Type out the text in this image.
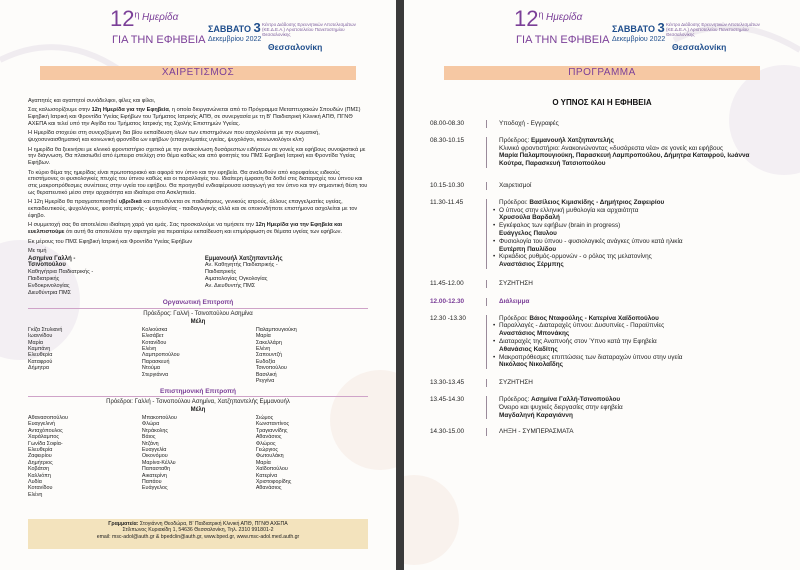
$12^\eta$ Ημερίδα
ΓΙΑ ΤΗΝ ΕΦΗΒΕΙΑ
ΣΑΒΒΑΤΟ 3
Δεκεμβρίου 2022
Κέντρο Διάδοσης Ερευνητικών Αποτελεσμάτων
(ΚΕ.Δ.Ε.Α.) Αριστοτελείου Πανεπιστημίου
Θεσσαλονίκης
Θεσσαλονίκη
ΧΑΙΡΕΤΙΣΜΟΣ

Αγαπητές και αγαπητοί συνάδελφοι, φίλες και φίλοι,

Σας καλωσορίζουμε στην 12η Ημερίδα για την Εφηβεία, η οποία διοργανώνεται από το Πρόγραμμα Μεταπτυχιακών Σπουδών (ΠΜΣ) Εφηβική Ιατρική και Φροντίδα Υγείας Εφήβων του Τμήματος Ιατρικής ΑΠΘ, σε συνεργασία με τη Β' Παιδιατρική Κλινική ΑΠΘ, ΠΓΝΘ ΑΧΕΠΑ και τελεί υπό την Αιγίδα του Τμήματος Ιατρικής της Σχολής Επιστημών Υγείας.

Η Ημερίδα στοχεύει στη συνεχιζόμενη δια βίου εκπαίδευση όλων των επιστημόνων που ασχολούνται με την σωματική, ψυχοσυναισθηματική και κοινωνική φροντίδα ων εφήβων (επαγγελματίες υγείας, ψυχολόγοι, κοινωνιολόγοι κλπ)

Η ημερίδα θα ξεκινήσει με κλινικό φροντιστήριο σχετικά με την ανακοίνωση δυσάρεστων ειδήσεων σε γονείς και εφήβους συνοψιστικά με την διάγνωση. Θα πλαισιωθεί από έμπειρα στελέχη στο θέμα καθώς και από φοιτητές του ΠΜΣ Εφηβική Ιατρική και Φροντίδα Υγείας Εφήβων.

Το κύριο θέμα της ημερίδας είναι πρωτοποριακό και αφορά τον ύπνο και την εφηβεία. Θα αναλυθούν από κορυφαίους ειδικούς επιστήμονες οι φυσιολογικές πτυχές του ύπνου καθώς και οι παραλλαγές του. Ιδιαίτερη έμφαση θα δοθεί στις διαταραχές του ύπνου και στις μακροπρόθεσμες συνέπειες στην υγεία του εφήβου. Θα προηγηθεί ενδιαφέρουσα εισαγωγή για τον ύπνο και την σημαντική θέση του ως θεραπευτικό μέσο στην αρχαιότητα και ιδιαίτερα στα Ασκληπιεία.

Η 12η Ημερίδα θα πραγματοποιηθεί υβριδικά και απευθύνεται σε παιδιάτρους, γενικούς ιατρούς, άλλους επαγγελματίες υγείας, εκπαιδευτικούς, ψυχολόγους, φοιτητές ιατρικής - ψυχολογίας - παιδαγωγικής αλλά και σε οποιονδήποτε επιστήμονα ασχολείται με τον έφηβο.

Η συμμετοχή σας θα αποτελέσει ιδιαίτερη χαρά για εμάς. Σας προσκαλούμε να τιμήσετε την 12η Ημερίδα για την Εφηβεία και ευελπιστούμε ότι αυτή θα αποτελέσει την αφετηρία για περαιτέρω εκπαίδευση και επιμόρφωση σε θέματα υγείας των εφήβων.

Εκ μέρους του ΠΜΣ Εφηβική Ιατρική και Φροντίδα Υγείας Εφήβων

Με τιμή

Ασημίνα Γαλλή - Τσινοπούλου
Καθηγήτρια Παιδιατρικής - Παιδιατρικής
Ενδοκρινολογίας
Διευθύντρια ΠΜΣ
Εμμανουήλ Χατζηπαντελής
Αν. Καθηγητής Παιδιατρικής - Παιδιατρικής
Αιματολογίας Ογκολογίας
Αν. Διευθυντής ΠΜΣ
Οργανωτική Επιτροπή
Πρόεδρος: Γαλλή - Τσινοπούλου Ασημίνα
Μέλη
Γκίζα Στυλιανή
Ιωαννίδου Μαρία
Καμπάνη Ελευθερία
Καταφρού Δήμητρα
Κολιούσκα Ελισάβετ
Κοτανίδου Ελένη
Λαμπροπούλου Παρασκευή
Ντούμα Στεργιάννα
Παλαμπουγιούκη Μαρία
Σακελλάρη Ελένη
Σαπουντζή Ευδοξία
Τσινοπούλου Βασιλική Ρεγγίνα
Επιστημονική Επιτροπή
Πρόεδροι: Γαλλή - Τσινοπούλου Ασημίνα, Χατζηπαντελής Εμμανουήλ
Μέλη
Αθανασοπούλου Ευαγγελινή
Ανταχόπουλος Χαράλαμπος
Γωνίδα Σοφία-Ελευθερία
Ζαφειρίου Δημήτριος
Κοβάτση Καλλιόπη Λυδία
Κοτανίδου Ελένη
Μπακοπούλου Φλώρα
Ντράκολης Βάιος
Ντζάνη Ευαγγελία
Οικονόμου Μαρίνα-Κέλλυ
Παπασταθη Αικατερίνη
Παπάου Ευάγγελος
Σιώμος Κωνσταντίνος
Τραγιαννίδης Αθανάσιος
Φλώρος Γεώργιος
Φωτουλάκη Μαρία
Χαϊδοπούλου Κατερίνα
Χριστοφορίδης Αθανάσιος
Γραμματεία: Στογιάννη Θεοδώρα, Β' Παιδιατρική Κλινική ΑΠΘ, ΠΓΝΘ ΑΧΕΠΑ
Στίλπωνος Κυριακίδη 1, 54636 Θεσσαλονίκη, Τηλ. 2310 991801-2
email: msc-adol@auth.gr & bpedclin@auth.gr, www.bped.gr, www.msc-adol.med.auth.gr
$12^\eta$ Ημερίδα
ΓΙΑ ΤΗΝ ΕΦΗΒΕΙΑ
ΣΑΒΒΑΤΟ 3
Δεκεμβρίου 2022
Κέντρο Διάδοσης Ερευνητικών Αποτελεσμάτων
(ΚΕ.Δ.Ε.Α.) Αριστοτελείου Πανεπιστημίου
Θεσσαλονίκης
Θεσσαλονίκη
ΠΡΟΓΡΑΜΜΑ
Ο ΥΠΝΟΣ ΚΑΙ Η ΕΦΗΒΕΙΑ
08.00-08.30	Υποδοχή - Εγγραφές
08.30-10.15	Πρόεδρος: Εμμανουήλ Χατζηπαντελής
Κλινικό φροντιστήριο: Ανακοινώνοντας «δυσάρεστα νέα» σε γονείς και εφήβους
Μαρία Παλαμπουγιούκη, Παρασκευή Λαμπροπούλου, Δήμητρα Καταφρού, Ιωάννα Κούτρα, Παρασκευή Τατσιοπούλου
10.15-10.30	Χαιρετισμοί
11.30-11.45	Πρόεδροι: Βασίλειος Κιμισκίδης - Δημήτριος Ζαφειρίου
• Ο ύπνος στην ελληνική μυθολογία και αρχαιότητα
Χρυσούλα Βαρδαλή
• Εγκέφαλος των εφήβων (brain in progress)
Ευάγγελος Παυλου
• Φυσιολογία του ύπνου - φυσιολογικές ανάγκες ύπνου κατά ηλικία
Ευτέρπη Παυλίδου
• Κιρκάδιος ρυθμός-ορμονών - ο ρόλος της μελατονίνης
Αναστάσιος Σέρμπης
11.45-12.00	ΣΥΖΗΤΗΣΗ
12.00-12.30	Διάλειμμα
12.30 -13.30	Πρόεδροι: Βάιος Νταφούλης - Κατερίνα Χαϊδοπούλου
• Παραλλαγές - Διαταραχές ύπνου: Δυσυπνίες - Παραϋπνίες
Αναστάσιος Μπονάκης
• Διαταραχές της Αναπνοής στον Ύπνο κατά την Εφηβεία
Αθανάσιος Καδίτης
• Μακροπρόθεσμες επιπτώσεις των διαταραχών ύπνου στην υγεία
Νικόλαος Νικολαΐδης
13.30-13.45	ΣΥΖΗΤΗΣΗ
13.45-14.30	Πρόεδρος: Ασημίνα Γαλλή-Τσινοπούλου
Όνειρο και ψυχικές διεργασίες στην εφηβεία
Μαγδαληνή Καραγιάννη
14.30-15.00	ΛΗΞΗ - ΣΥΜΠΕΡΑΣΜΑΤΑ
